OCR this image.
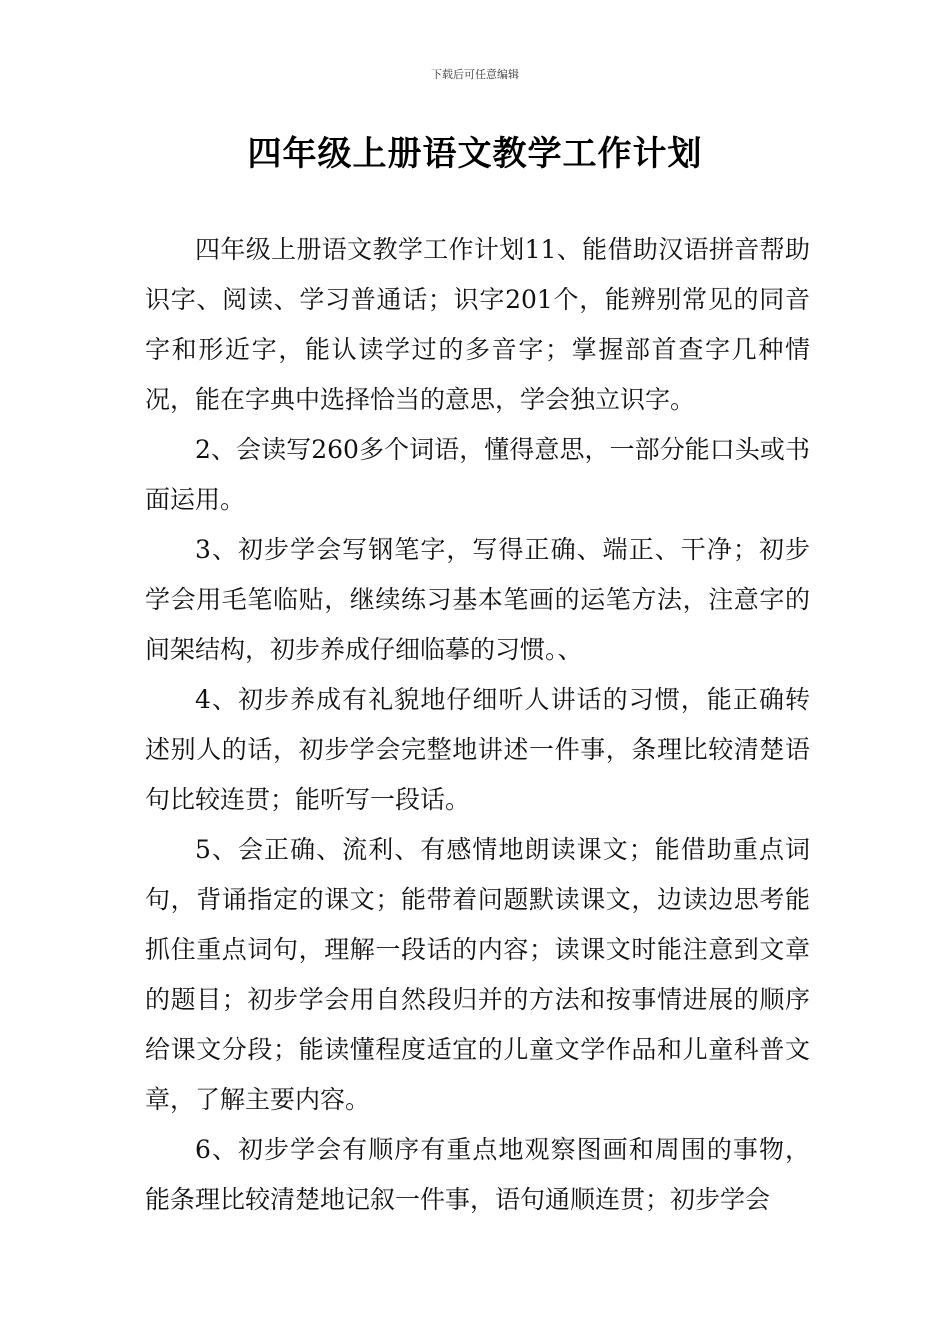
下载后可任意编辑
四年级上册语文教学工作计划

四年级上册语文教学工作计划11、能借助汉语拼音帮助识字、阅读、学习普通话；识字201个，能辨别常见的同音字和形近字，能认读学过的多音字；掌握部首查字几种情况，能在字典中选择恰当的意思，学会独立识字。

2、会读写260多个词语，懂得意思，一部分能口头或书面运用。

3、初步学会写钢笔字，写得正确、端正、干净；初步学会用毛笔临贴，继续练习基本笔画的运笔方法，注意字的间架结构，初步养成仔细临摹的习惯。、

4、初步养成有礼貌地仔细听人讲话的习惯，能正确转述别人的话，初步学会完整地讲述一件事，条理比较清楚语句比较连贯；能听写一段话。

5、会正确、流利、有感情地朗读课文；能借助重点词句，背诵指定的课文；能带着问题默读课文，边读边思考能抓住重点词句，理解一段话的内容；读课文时能注意到文章的题目；初步学会用自然段归并的方法和按事情进展的顺序给课文分段；能读懂程度适宜的儿童文学作品和儿童科普文章，了解主要内容。

6、初步学会有顺序有重点地观察图画和周围的事物，能条理比较清楚地记叙一件事，语句通顺连贯；初步学会
